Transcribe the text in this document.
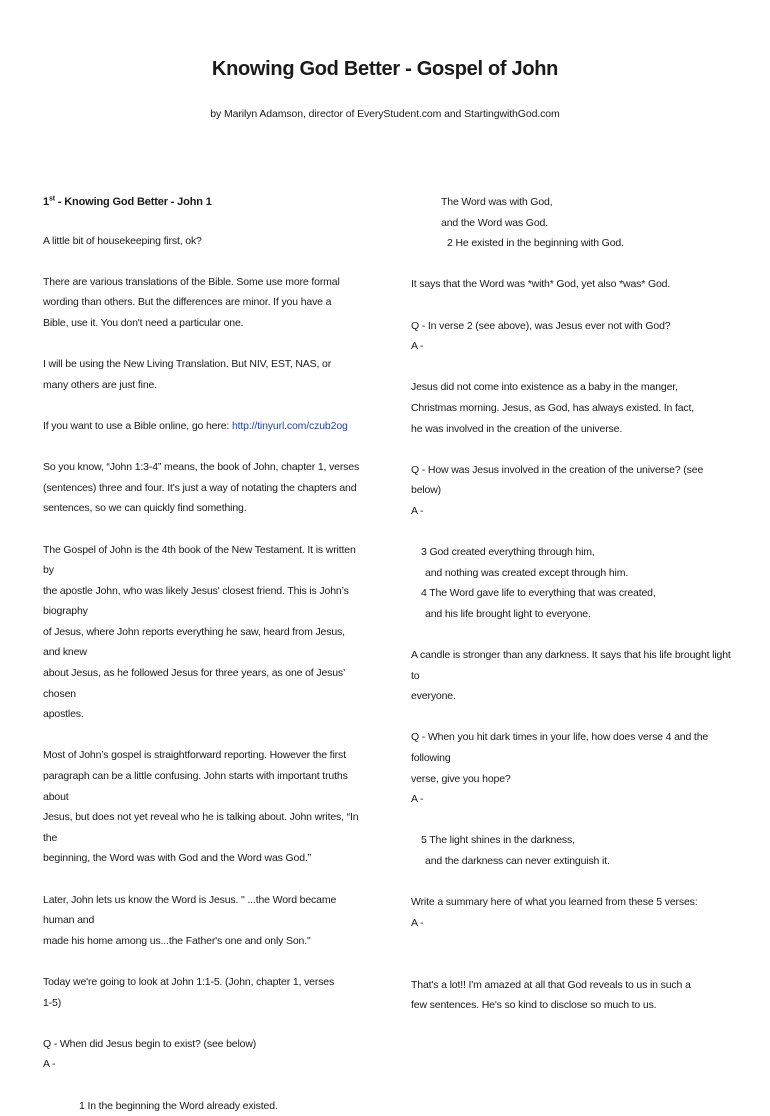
Knowing God Better - Gospel of John
by Marilyn Adamson, director of EveryStudent.com and StartingwithGod.com

1st - Knowing God Better - John 1

A little bit of housekeeping first, ok?

There are various translations of the Bible. Some use more formal

wording than others. But the differences are minor. If you have a

Bible, use it. You don't need a particular one.

I will be using the New Living Translation. But NIV, EST, NAS, or

many others are just fine.

If you want to use a Bible online, go here: http://tinyurl.com/czub2og

So you know, “John 1:3-4” means, the book of John, chapter 1, verses

(sentences) three and four. It's just a way of notating the chapters and

sentences, so we can quickly find something.

The Gospel of John is the 4th book of the New Testament. It is written by

the apostle John, who was likely Jesus' closest friend. This is John’s biography

of Jesus, where John reports everything he saw, heard from Jesus, and knew

about Jesus, as he followed Jesus for three years, as one of Jesus’ chosen

apostles.

Most of John’s gospel is straightforward reporting. However the first

paragraph can be a little confusing. John starts with important truths about

Jesus, but does not yet reveal who he is talking about. John writes, “In the

beginning, the Word was with God and the Word was God.”

Later, John lets us know the Word is Jesus. " ...the Word became human and

made his home among us...the Father's one and only Son."

Today we're going to look at John 1:1-5. (John, chapter 1, verses

1-5)

Q - When did Jesus begin to exist? (see below)

A -

1 In the beginning the Word already existed.

The Word was with God,

and the Word was God.

2 He existed in the beginning with God.

It says that the Word was *with* God, yet also *was* God.

Q - In verse 2 (see above), was Jesus ever not with God?

A -

Jesus did not come into existence as a baby in the manger,

Christmas morning. Jesus, as God, has always existed. In fact,

he was involved in the creation of the universe.

Q - How was Jesus involved in the creation of the universe? (see

below)

A -

3 God created everything through him,

and nothing was created except through him.

4 The Word gave life to everything that was created,

and his life brought light to everyone.

A candle is stronger than any darkness. It says that his life brought light to

everyone.

Q - When you hit dark times in your life, how does verse 4 and the following

verse, give you hope?

A -

5 The light shines in the darkness,

and the darkness can never extinguish it.

Write a summary here of what you learned from these 5 verses:

A -

That's a lot!! I'm amazed at all that God reveals to us in such a

few sentences. He's so kind to disclose so much to us.
